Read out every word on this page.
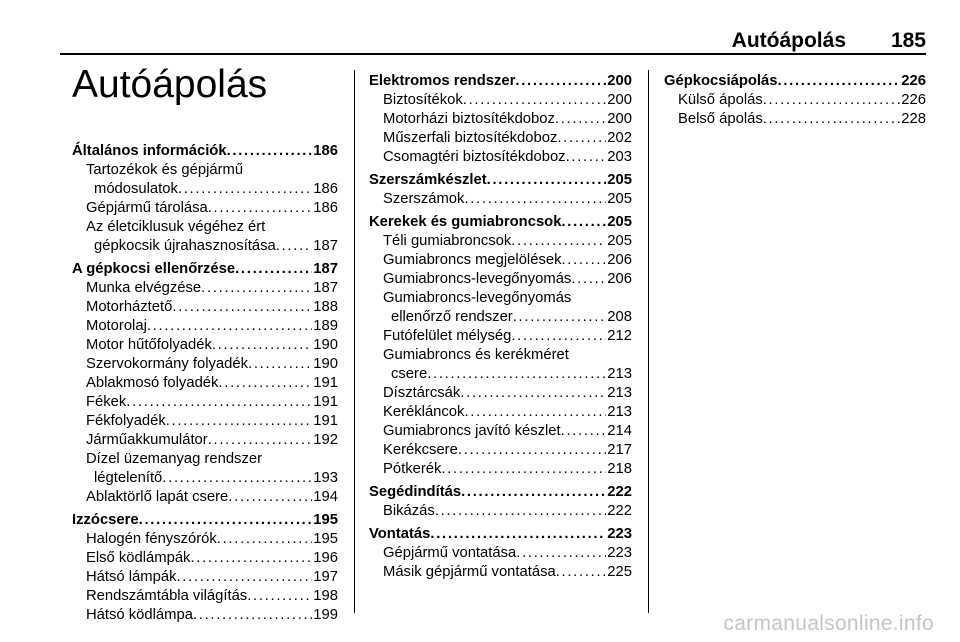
Autóápolás 185
Autóápolás
Általános információk . . .	186
Tartozékok és gépjármű
módosulatok . . .	186
Gépjármű tárolása . . .	186
Az életciklusuk végéhez ért
gépkocsik újrahasznosítása . . .	187
A gépkocsi ellenőrzése . . .	187
Munka elvégzése . . .	187
Motorháztető . . .	188
Motorolaj . . .	189
Motor hűtőfolyadék . . .	190
Szervokormány folyadék . . .	190
Ablakmosó folyadék . . .	191
Fékek . . .	191
Fékfolyadék . . .	191
Járműakkumulátor . . .	192
Dízel üzemanyag rendszer
légtelenítő . . .	193
Ablaktörlő lapát csere . . .	194
Izzócsere . . .	195
Halogén fényszórók . . .	195
Első ködlámpák . . .	196
Hátsó lámpák . . .	197
Rendszámtábla világítás . . .	198
Hátsó ködlámpa . . .	199
Elektromos rendszer . . .	200
Biztosítékok . . .	200
Motorházi biztosítékdoboz . . .	200
Műszerfali biztosítékdoboz . . .	202
Csomagtéri biztosítékdoboz . . .	203
Szerszámkészlet . . .	205
Szerszámok . . .	205
Kerekek és gumiabroncsok . . .	205
Téli gumiabroncsok . . .	205
Gumiabroncs megjelölések . . .	206
Gumiabroncs-levegőnyomás . . . 206
Gumiabroncs-levegőnyomás
ellenőrző rendszer . . .	208
Futófelület mélység . . .	212
Gumiabroncs és kerékméret
csere . . .	213
Dísztárcsák . . .	213
Kerékláncok . . .	213
Gumiabroncs javító készlet . . .	214
Kerékcsere . . .	217
Pótkerék . . .	218
Segédindítás . . .	222
Bikázás . . .	222
Vontatás . . .	223
Gépjármű vontatása . . .	223
Másik gépjármű vontatása . . .	225
Gépkocsiápolás . . .	226
Külső ápolás . . .	226
Belső ápolás . . .	228
carmanualsonline.info
